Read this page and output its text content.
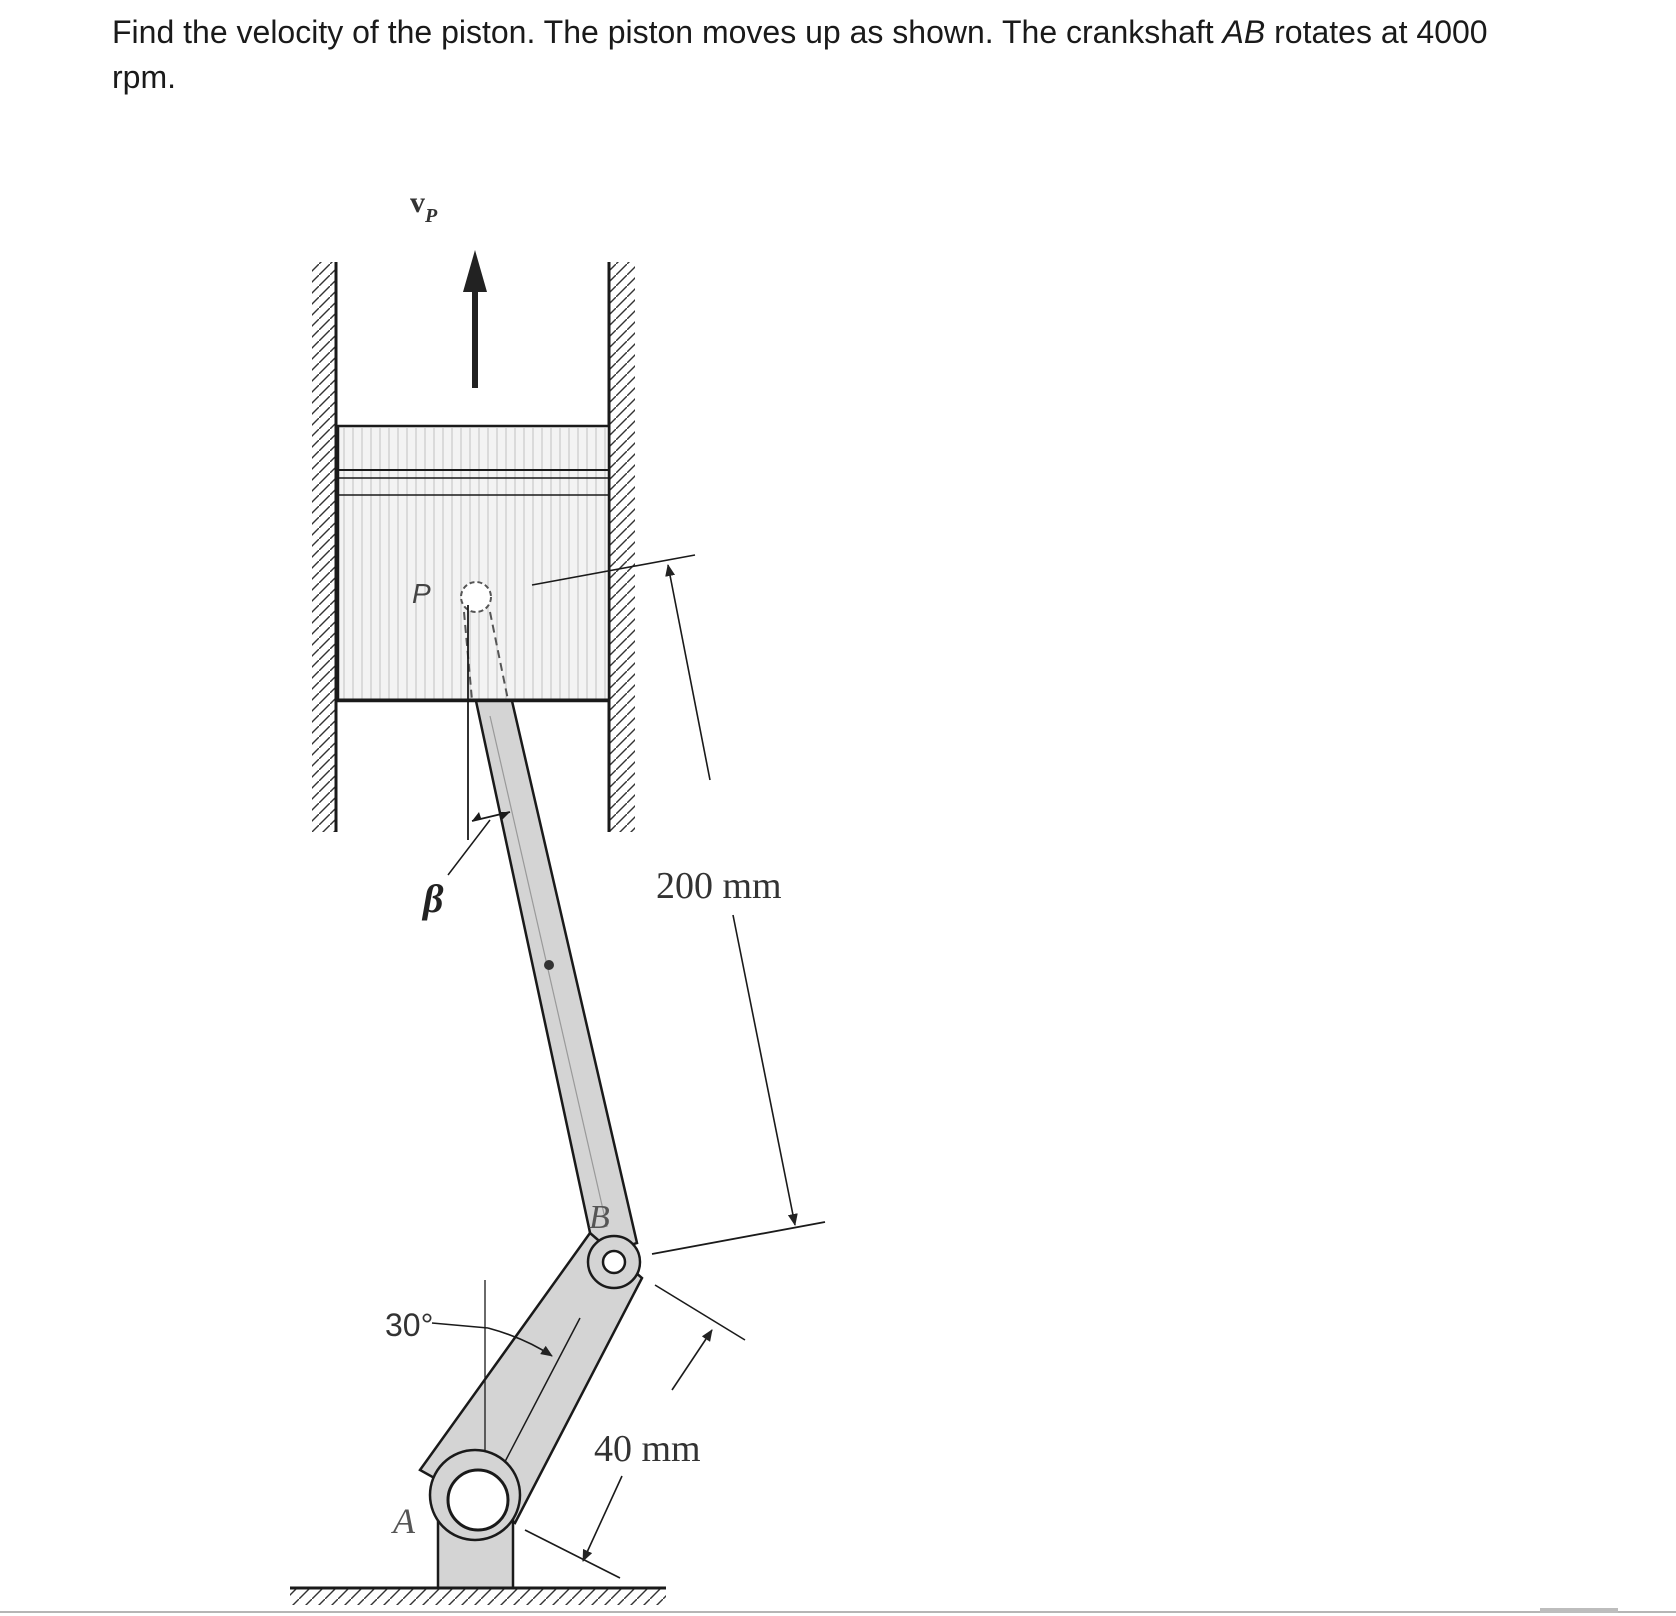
Find the velocity of the piston. The piston moves up as shown. The crankshaft AB rotates at 4000 rpm.

$v_P$
P
β
B
A
30°
200 mm
40 mm
